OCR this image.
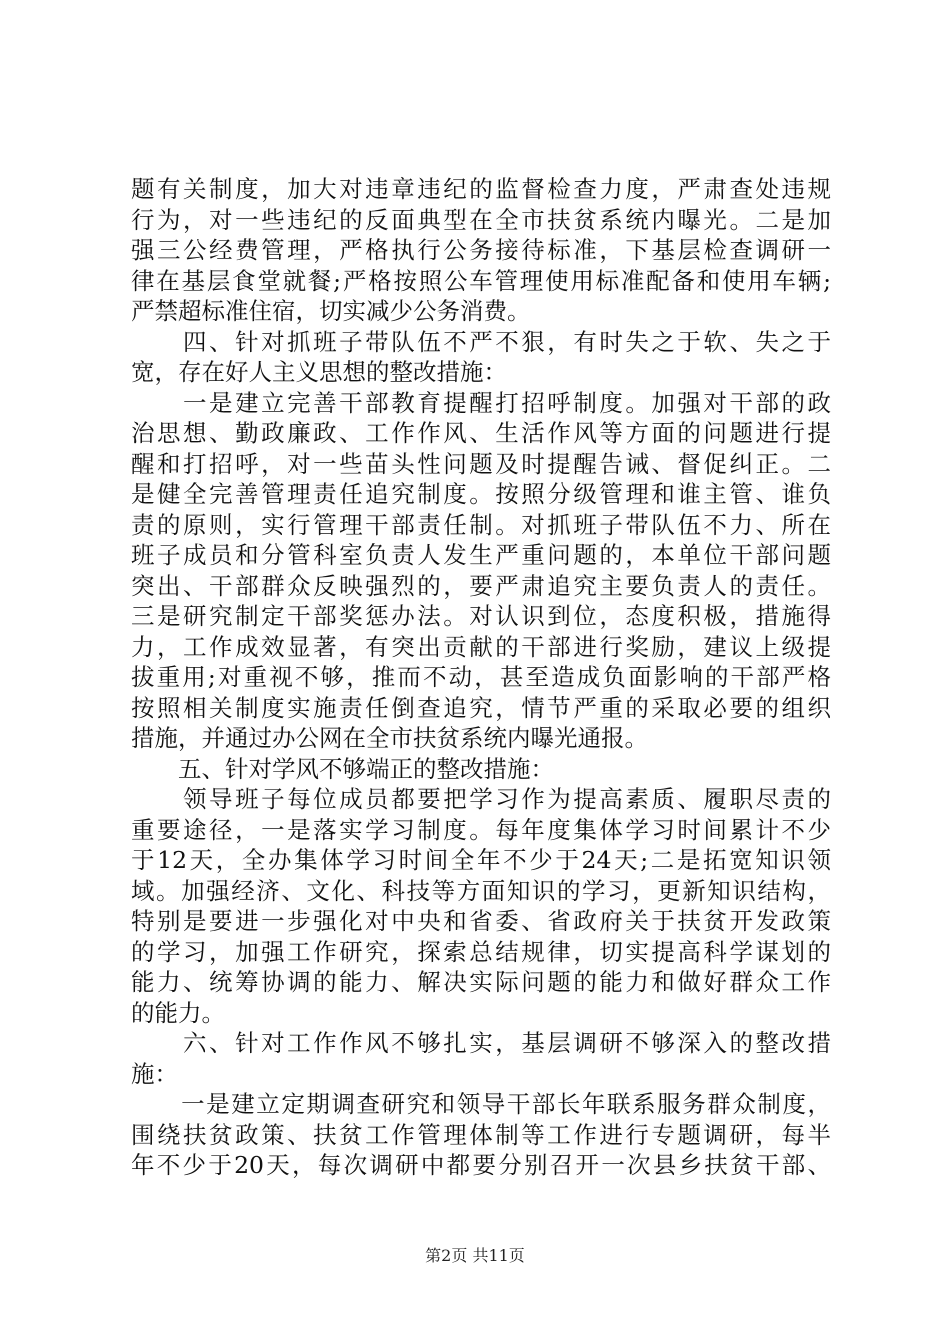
题有关制度，加大对违章违纪的监督检查力度，严肃查处违规
行为，对一些违纪的反面典型在全市扶贫系统内曝光。二是加
强三公经费管理，严格执行公务接待标准，下基层检查调研一
律在基层食堂就餐;严格按照公车管理使用标准配备和使用车辆;
严禁超标准住宿，切实减少公务消费。
　　四、针对抓班子带队伍不严不狠，有时失之于软、失之于
宽，存在好人主义思想的整改措施：
　　一是建立完善干部教育提醒打招呼制度。加强对干部的政
治思想、勤政廉政、工作作风、生活作风等方面的问题进行提
醒和打招呼，对一些苗头性问题及时提醒告诫、督促纠正。二
是健全完善管理责任追究制度。按照分级管理和谁主管、谁负
责的原则，实行管理干部责任制。对抓班子带队伍不力、所在
班子成员和分管科室负责人发生严重问题的，本单位干部问题
突出、干部群众反映强烈的，要严肃追究主要负责人的责任。
三是研究制定干部奖惩办法。对认识到位，态度积极，措施得
力，工作成效显著，有突出贡献的干部进行奖励，建议上级提
拔重用;对重视不够，推而不动，甚至造成负面影响的干部严格
按照相关制度实施责任倒查追究，情节严重的采取必要的组织
措施，并通过办公网在全市扶贫系统内曝光通报。
　　五、针对学风不够端正的整改措施：
　　领导班子每位成员都要把学习作为提高素质、履职尽责的
重要途径，一是落实学习制度。每年度集体学习时间累计不少
于12天，全办集体学习时间全年不少于24天;二是拓宽知识领
域。加强经济、文化、科技等方面知识的学习，更新知识结构，
特别是要进一步强化对中央和省委、省政府关于扶贫开发政策
的学习，加强工作研究，探索总结规律，切实提高科学谋划的
能力、统筹协调的能力、解决实际问题的能力和做好群众工作
的能力。
　　六、针对工作作风不够扎实，基层调研不够深入的整改措
施：
　　一是建立定期调查研究和领导干部长年联系服务群众制度，
围绕扶贫政策、扶贫工作管理体制等工作进行专题调研，每半
年不少于20天，每次调研中都要分别召开一次县乡扶贫干部、
第2页 共11页
